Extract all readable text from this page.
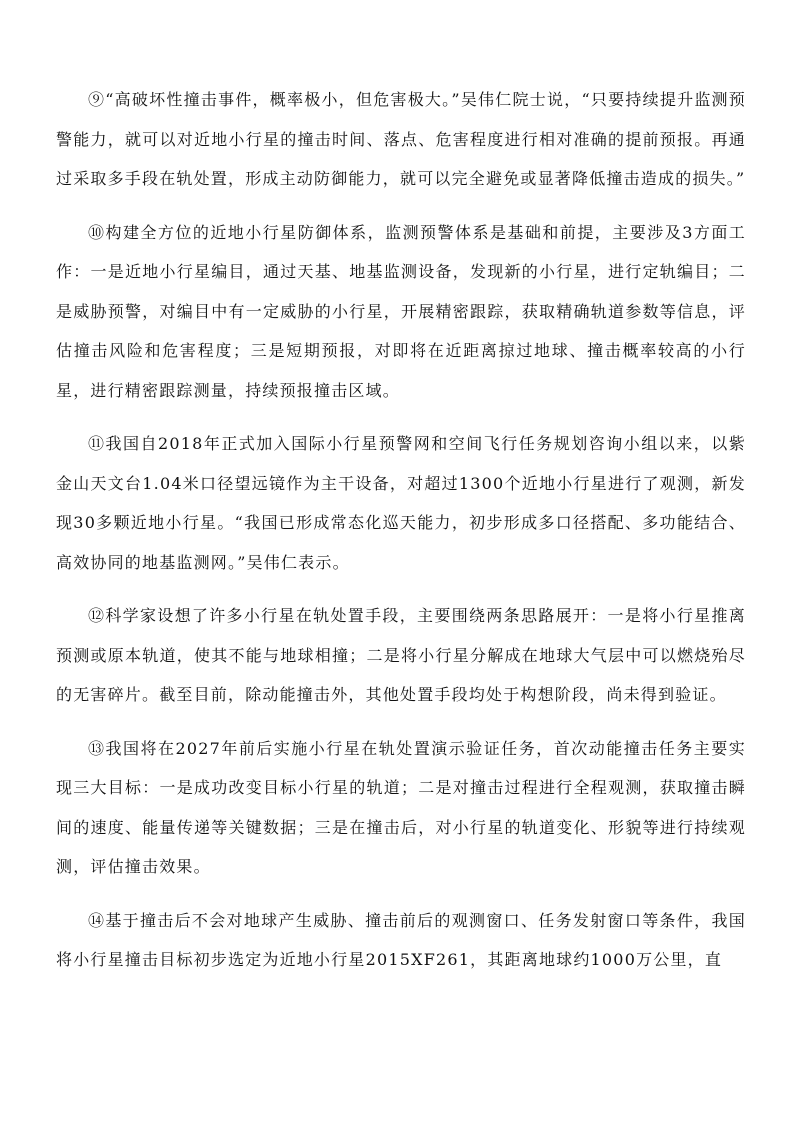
⑨“高破坏性撞击事件，概率极小，但危害极大。”吴伟仁院士说，“只要持续提升监测预警能力，就可以对近地小行星的撞击时间、落点、危害程度进行相对准确的提前预报。再通过采取多手段在轨处置，形成主动防御能力，就可以完全避免或显著降低撞击造成的损失。”

⑩构建全方位的近地小行星防御体系，监测预警体系是基础和前提，主要涉及3方面工作：一是近地小行星编目，通过天基、地基监测设备，发现新的小行星，进行定轨编目；二是威胁预警，对编目中有一定威胁的小行星，开展精密跟踪，获取精确轨道参数等信息，评估撞击风险和危害程度；三是短期预报，对即将在近距离掠过地球、撞击概率较高的小行星，进行精密跟踪测量，持续预报撞击区域。

⑪我国自2018年正式加入国际小行星预警网和空间飞行任务规划咨询小组以来，以紫金山天文台1.04米口径望远镜作为主干设备，对超过1300个近地小行星进行了观测，新发现30多颗近地小行星。“我国已形成常态化巡天能力，初步形成多口径搭配、多功能结合、高效协同的地基监测网。”吴伟仁表示。

⑫科学家设想了许多小行星在轨处置手段，主要围绕两条思路展开：一是将小行星推离预测或原本轨道，使其不能与地球相撞；二是将小行星分解成在地球大气层中可以燃烧殆尽的无害碎片。截至目前，除动能撞击外，其他处置手段均处于构想阶段，尚未得到验证。

⑬我国将在2027年前后实施小行星在轨处置演示验证任务，首次动能撞击任务主要实现三大目标：一是成功改变目标小行星的轨道；二是对撞击过程进行全程观测，获取撞击瞬间的速度、能量传递等关键数据；三是在撞击后，对小行星的轨道变化、形貌等进行持续观测，评估撞击效果。

⑭基于撞击后不会对地球产生威胁、撞击前后的观测窗口、任务发射窗口等条件，我国将小行星撞击目标初步选定为近地小行星2015XF261，其距离地球约1000万公里，直
